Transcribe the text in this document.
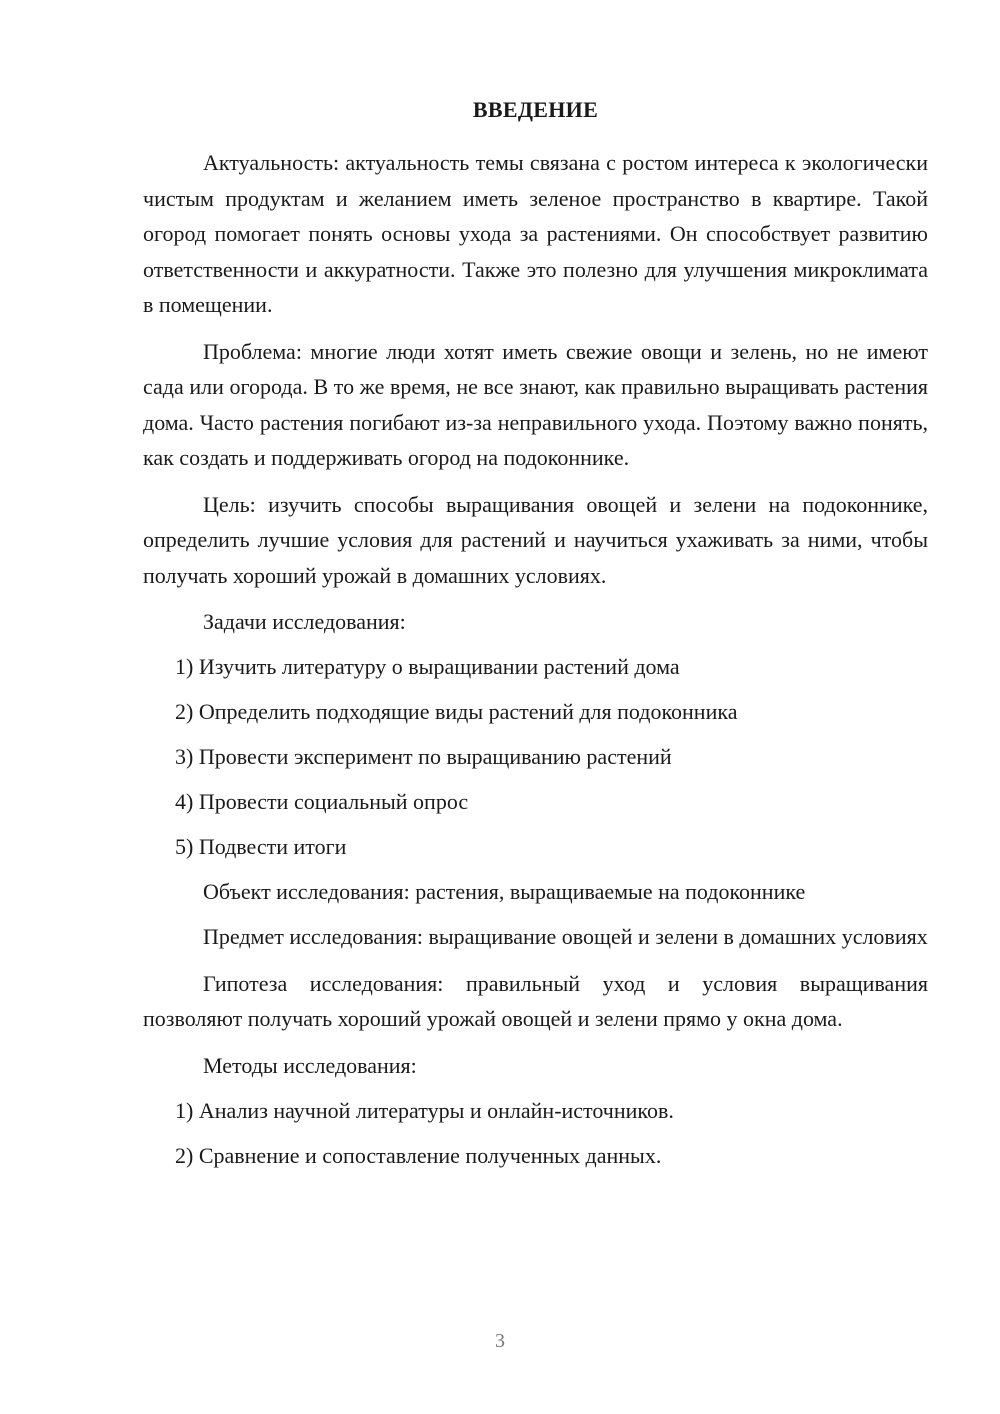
ВВЕДЕНИЕ

Актуальность: актуальность темы связана с ростом интереса к экологически чистым продуктам и желанием иметь зеленое пространство в квартире. Такой огород помогает понять основы ухода за растениями. Он способствует развитию ответственности и аккуратности. Также это полезно для улучшения микроклимата в помещении.

Проблема: многие люди хотят иметь свежие овощи и зелень, но не имеют сада или огорода. В то же время, не все знают, как правильно выращивать растения дома. Часто растения погибают из-за неправильного ухода. Поэтому важно понять, как создать и поддерживать огород на подоконнике.

Цель: изучить способы выращивания овощей и зелени на подоконнике, определить лучшие условия для растений и научиться ухаживать за ними, чтобы получать хороший урожай в домашних условиях.

Задачи исследования:
1) Изучить литературу о выращивании растений дома
2) Определить подходящие виды растений для подоконника
3) Провести эксперимент по выращиванию растений
4) Провести социальный опрос
5) Подвести итоги
Объект исследования: растения, выращиваемые на подоконнике

Предмет исследования: выращивание овощей и зелени в домашних условиях

Гипотеза исследования: правильный уход и условия выращивания позволяют получать хороший урожай овощей и зелени прямо у окна дома.

Методы исследования:
1) Анализ научной литературы и онлайн-источников.
2) Сравнение и сопоставление полученных данных.
3
